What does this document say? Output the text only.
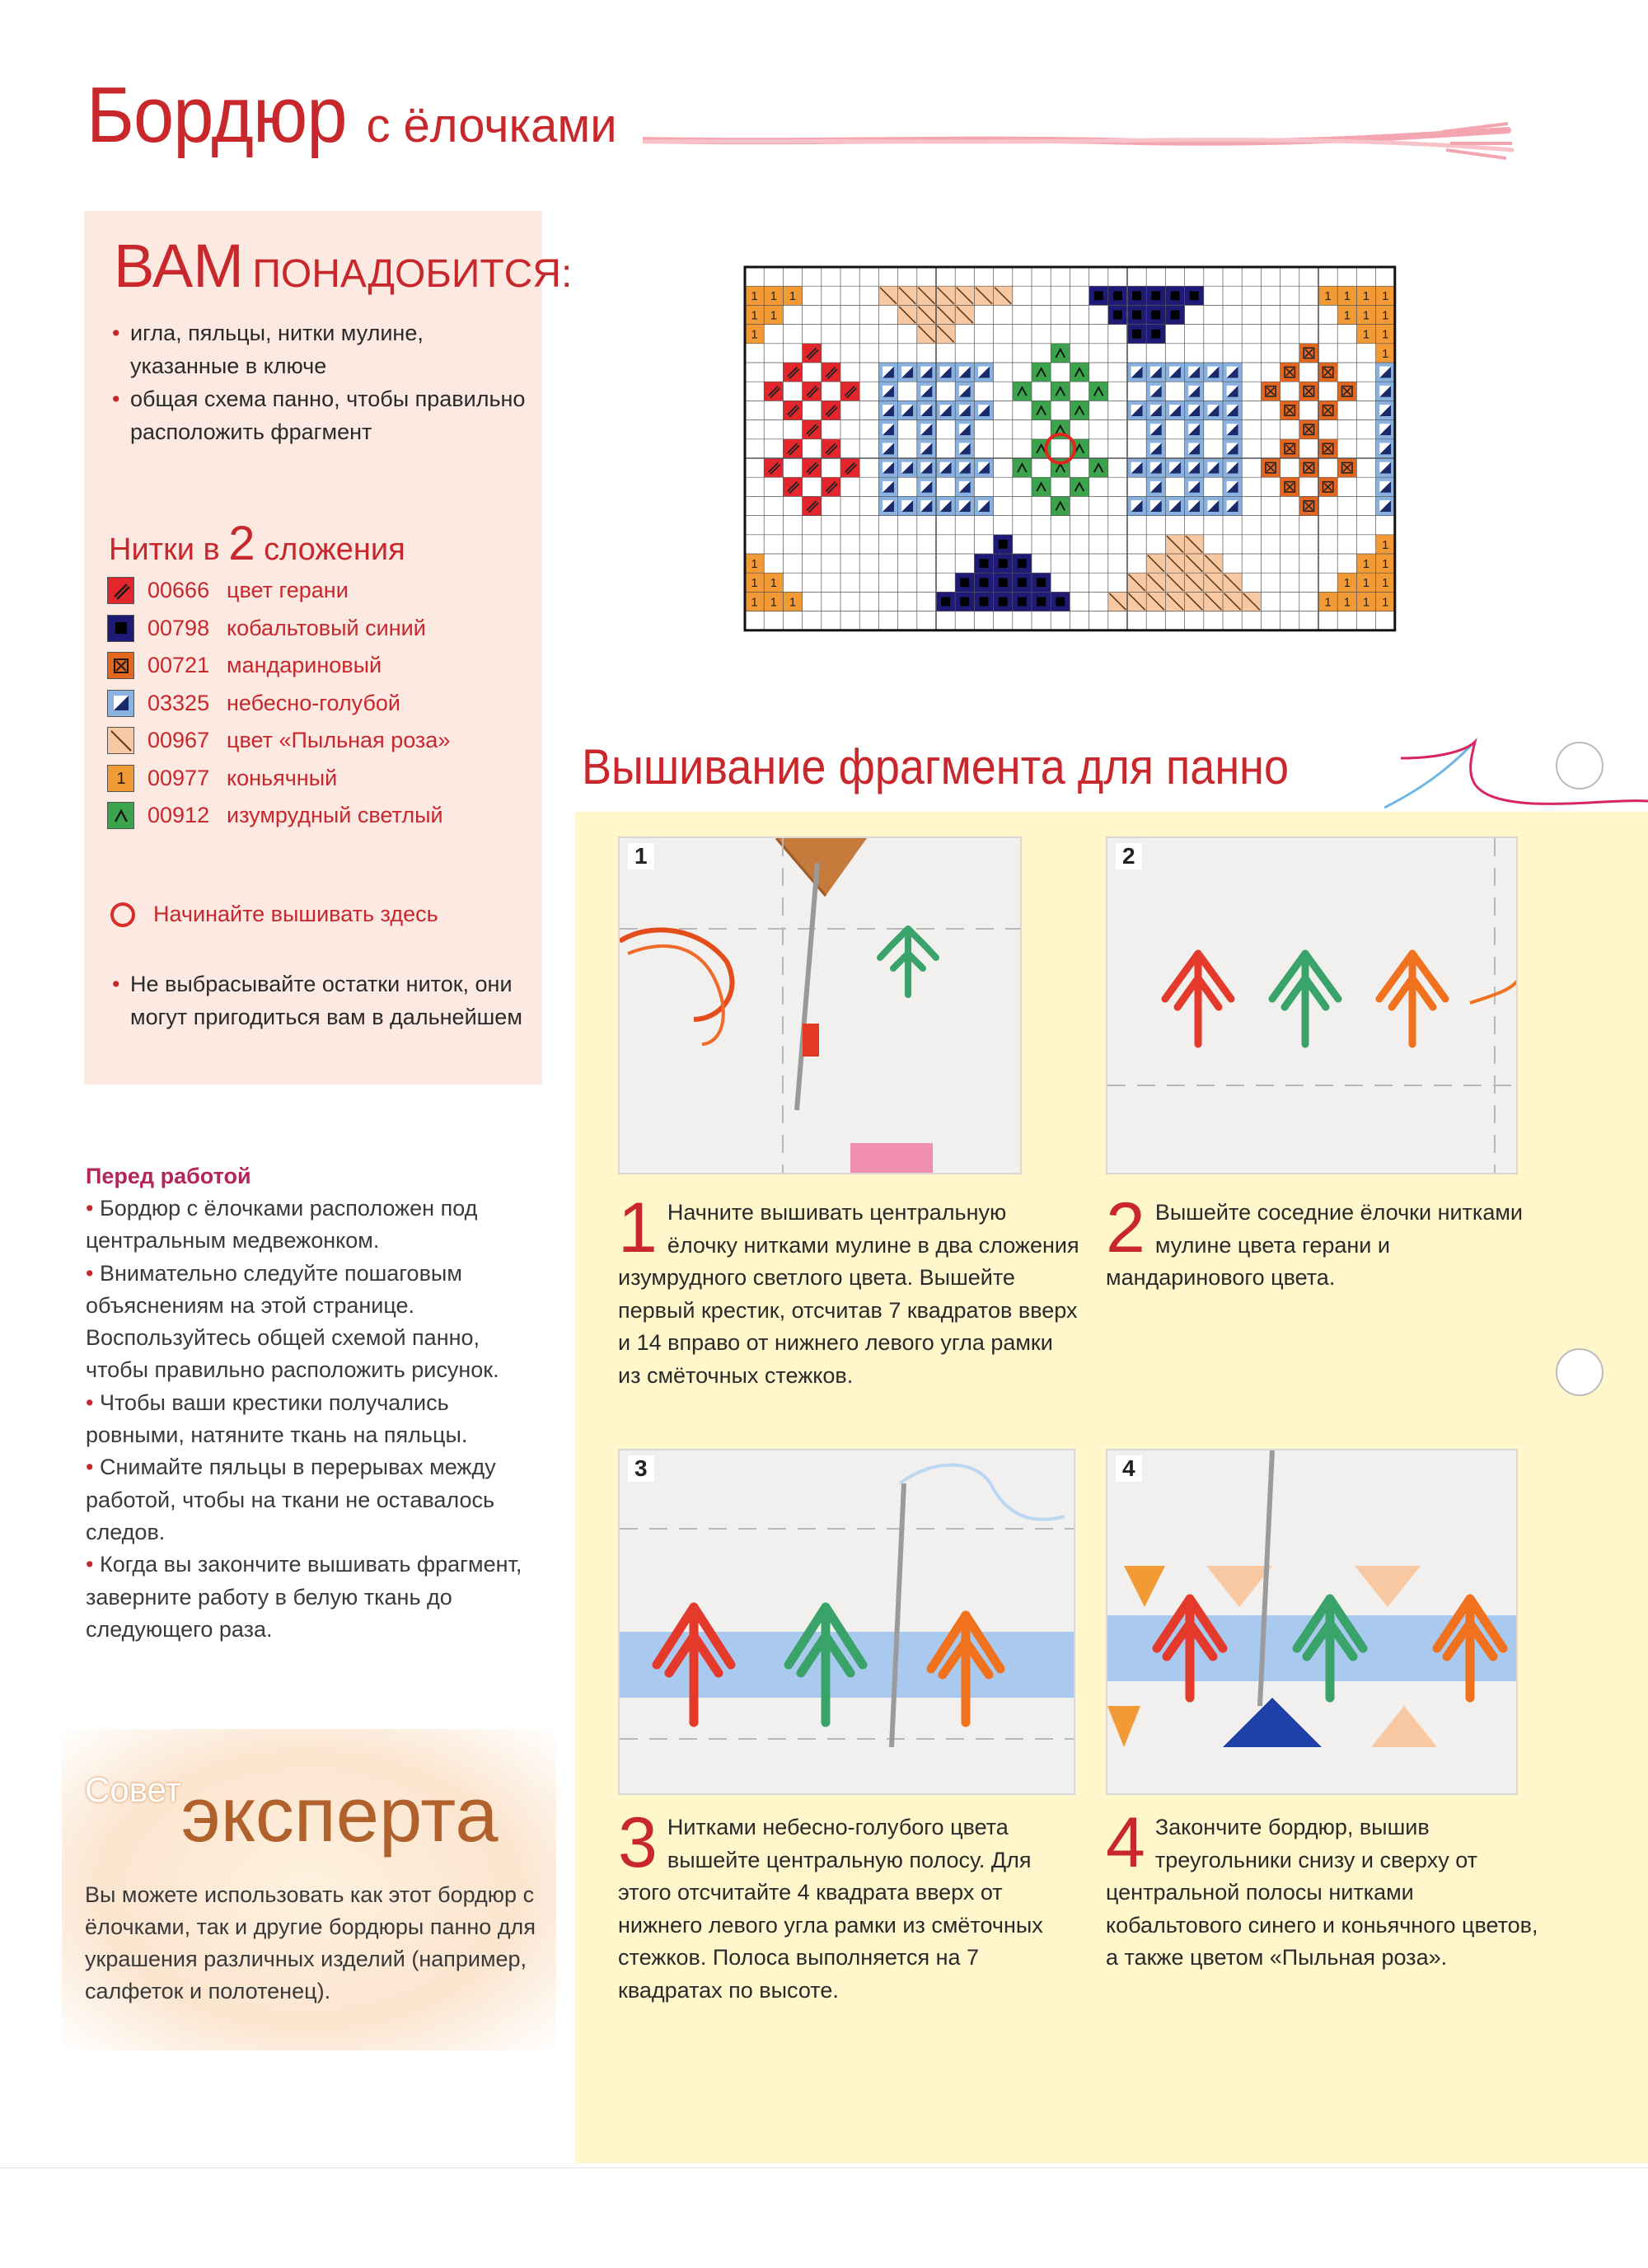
Бордюр с ёлочками
ВАМ ПОНАДОБИТСЯ:
• игла, пяльцы, нитки мулине, указанные в ключе
• общая схема панно, чтобы правильно расположить фрагмент
Нитки в 2 сложения
00666 цвет герани
00798 кобальтовый синий
00721 мандариновый
03325 небесно-голубой
00967 цвет «Пыльная роза»
1 00977 коньячный
00912 изумрудный светлый
Начинайте вышивать здесь
• Не выбрасывайте остатки ниток, они могут пригодиться вам в дальнейшем
Перед работой

• Бордюр с ёлочками расположен под центральным медвежонком.
• Внимательно следуйте пошаговым объяснениям на этой странице. Воспользуйтесь общей схемой панно, чтобы правильно расположить рисунок.
• Чтобы ваши крестики получались ровными, натяните ткань на пяльцы.
• Снимайте пяльцы в перерывах между работой, чтобы на ткани не оставалось следов.
• Когда вы закончите вышивать фрагмент, заверните работу в белую ткань до следующего раза.

Советэксперта
Вы можете использовать как этот бордюр с ёлочками, так и другие бордюры панно для украшения различных изделий (например, салфеток и полотенец).
1 1 1	1 1 1 1
1 1	1 1 1
1	1 1
1
1
1	1 1
1 1	1 1 1
1 1 1	1 1 1 1
Вышивание фрагмента для панно
1	2
3	4
1 Начните вышивать центральную ёлочку нитками мулине в два сложения изумрудного светлого цвета. Вышейте первый крестик, отсчитав 7 квадратов вверх и 14 вправо от нижнего левого угла рамки из смёточных стежков.
2 Вышейте соседние ёлочки нитками мулине цвета герани и мандаринового цвета.
3 Нитками небесно-голубого цвета вышейте центральную полосу. Для этого отсчитайте 4 квадрата вверх от нижнего левого угла рамки из смёточных стежков. Полоса выполняется на 7 квадратах по высоте.
4 Закончите бордюр, вышив треугольники снизу и сверху от центральной полосы нитками кобальтового синего и коньячного цветов, а также цветом «Пыльная роза».
